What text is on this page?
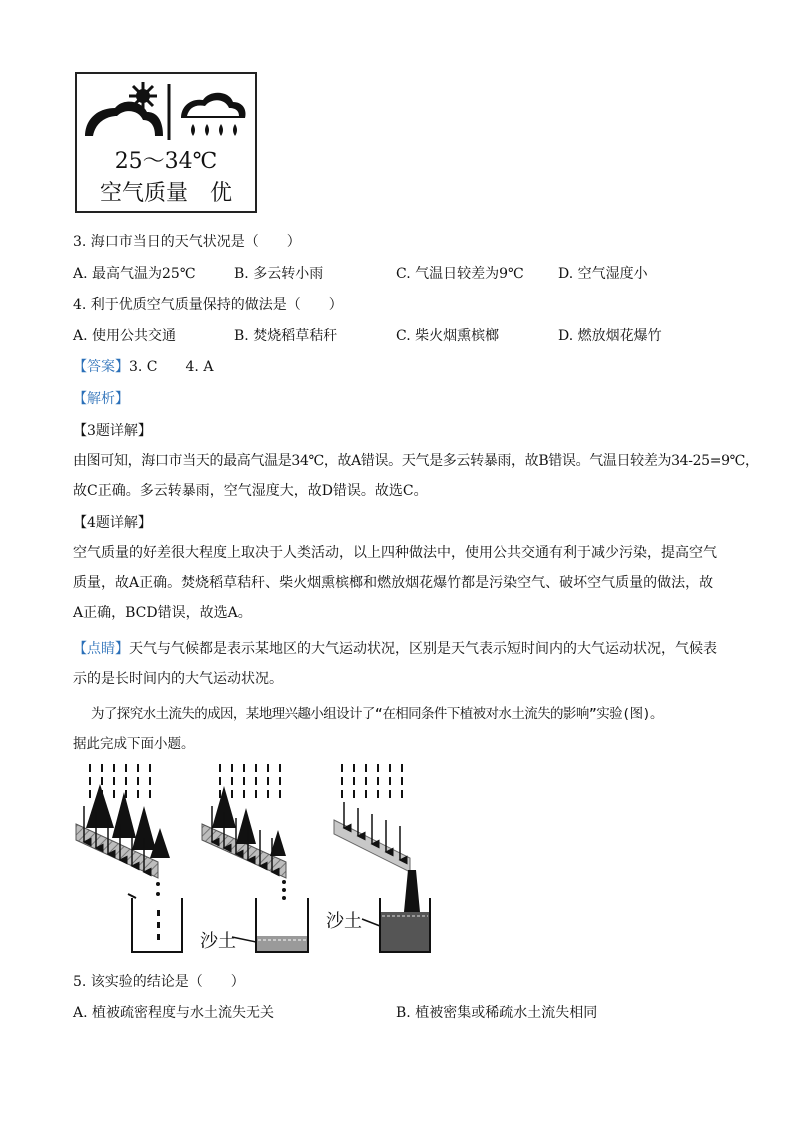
25～34℃
空气质量　 优
3. 海口市当日的天气状况是（　　）
A. 最高气温为25℃	B. 多云转小雨	C. 气温日较差为9℃ D. 空气湿度小
4. 利于优质空气质量保持的做法是（　　）
A. 使用公共交通	B. 焚烧稻草秸秆	C. 柴火烟熏槟榔	D. 燃放烟花爆竹
【答案】3. C　　4. A
【解析】
【3题详解】
由图可知，海口市当天的最高气温是34℃，故A错误。天气是多云转暴雨，故B错误。气温日较差为34-25=9℃，
故C正确。多云转暴雨，空气湿度大，故D错误。故选C。
【4题详解】
空气质量的好差很大程度上取决于人类活动，以上四种做法中，使用公共交通有利于减少污染，提高空气
质量，故A正确。焚烧稻草秸秆、柴火烟熏槟榔和燃放烟花爆竹都是污染空气、破坏空气质量的做法，故
A正确，BCD错误，故选A。
【点睛】天气与气候都是表示某地区的大气运动状况，区别是天气表示短时间内的大气运动状况，气候表
示的是长时间内的大气运动状况。
为了探究水土流失的成因，某地理兴趣小组设计了“在相同条件下植被对水土流失的影响”实验(图)。
据此完成下面小题。
沙土
沙土
5. 该实验的结论是（　　）
A. 植被疏密程度与水土流失无关	B. 植被密集或稀疏水土流失相同
